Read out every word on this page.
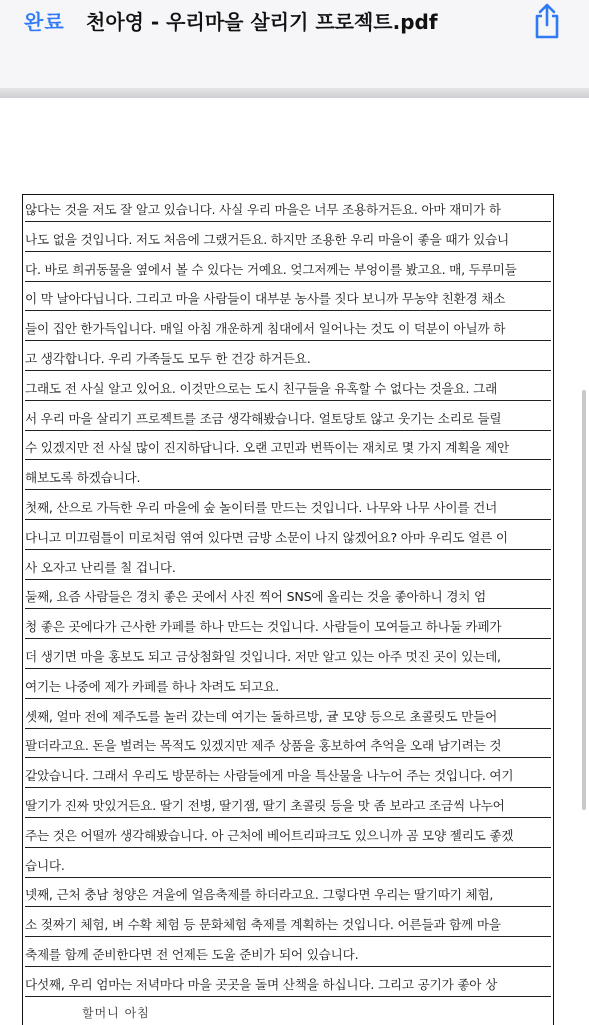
완료 천아영 - 우리마을 살리기 프로젝트.pdf
않다는 것을 저도 잘 알고 있습니다. 사실 우리 마을은 너무 조용하거든요. 아마 재미가 하
나도 없을 것입니다. 저도 처음에 그랬거든요. 하지만 조용한 우리 마을이 좋을 때가 있습니
다. 바로 희귀동물을 옆에서 볼 수 있다는 거예요. 엊그저께는 부엉이를 봤고요. 매, 두루미들
이 막 날아다닙니다. 그리고 마을 사람들이 대부분 농사를 짓다 보니까 무농약 친환경 채소
들이 집안 한가득입니다. 매일 아침 개운하게 침대에서 일어나는 것도 이 덕분이 아닐까 하
고 생각합니다. 우리 가족들도 모두 한 건강 하거든요.
그래도 전 사실 알고 있어요. 이것만으로는 도시 친구들을 유혹할 수 없다는 것을요. 그래
서 우리 마을 살리기 프로젝트를 조금 생각해봤습니다. 얼토당토 않고 웃기는 소리로 들릴
수 있겠지만 전 사실 많이 진지하답니다. 오랜 고민과 번뜩이는 재치로 몇 가지 계획을 제안
해보도록 하겠습니다.
첫째, 산으로 가득한 우리 마을에 숲 놀이터를 만드는 것입니다. 나무와 나무 사이를 건너
다니고 미끄럼틀이 미로처럼 엮여 있다면 금방 소문이 나지 않겠어요? 아마 우리도 얼른 이
사 오자고 난리를 칠 겁니다.
둘째, 요즘 사람들은 경치 좋은 곳에서 사진 찍어 SNS에 올리는 것을 좋아하니 경치 엄
청 좋은 곳에다가 근사한 카페를 하나 만드는 것입니다. 사람들이 모여들고 하나둘 카페가
더 생기면 마을 홍보도 되고 금상첨화일 것입니다. 저만 알고 있는 아주 멋진 곳이 있는데,
여기는 나중에 제가 카페를 하나 차려도 되고요.
셋째, 얼마 전에 제주도를 놀러 갔는데 여기는 돌하르방, 귤 모양 등으로 초콜릿도 만들어
팔더라고요. 돈을 벌려는 목적도 있겠지만 제주 상품을 홍보하여 추억을 오래 남기려는 것
같았습니다. 그래서 우리도 방문하는 사람들에게 마을 특산물을 나누어 주는 것입니다. 여기
딸기가 진짜 맛있거든요. 딸기 전병, 딸기잼, 딸기 초콜릿 등을 맛 좀 보라고 조금씩 나누어
주는 것은 어떨까 생각해봤습니다. 아 근처에 베어트리파크도 있으니까 곰 모양 젤리도 좋겠
습니다.
넷째, 근처 충남 청양은 겨울에 얼음축제를 하더라고요. 그렇다면 우리는 딸기따기 체험,
소 젖짜기 체험, 벼 수확 체험 등 문화체험 축제를 계획하는 것입니다. 어른들과 함께 마을
축제를 함께 준비한다면 전 언제든 도울 준비가 되어 있습니다.
다섯째, 우리 엄마는 저녁마다 마을 곳곳을 돌며 산책을 하십니다. 그리고 공기가 좋아 상
할머니 아침
